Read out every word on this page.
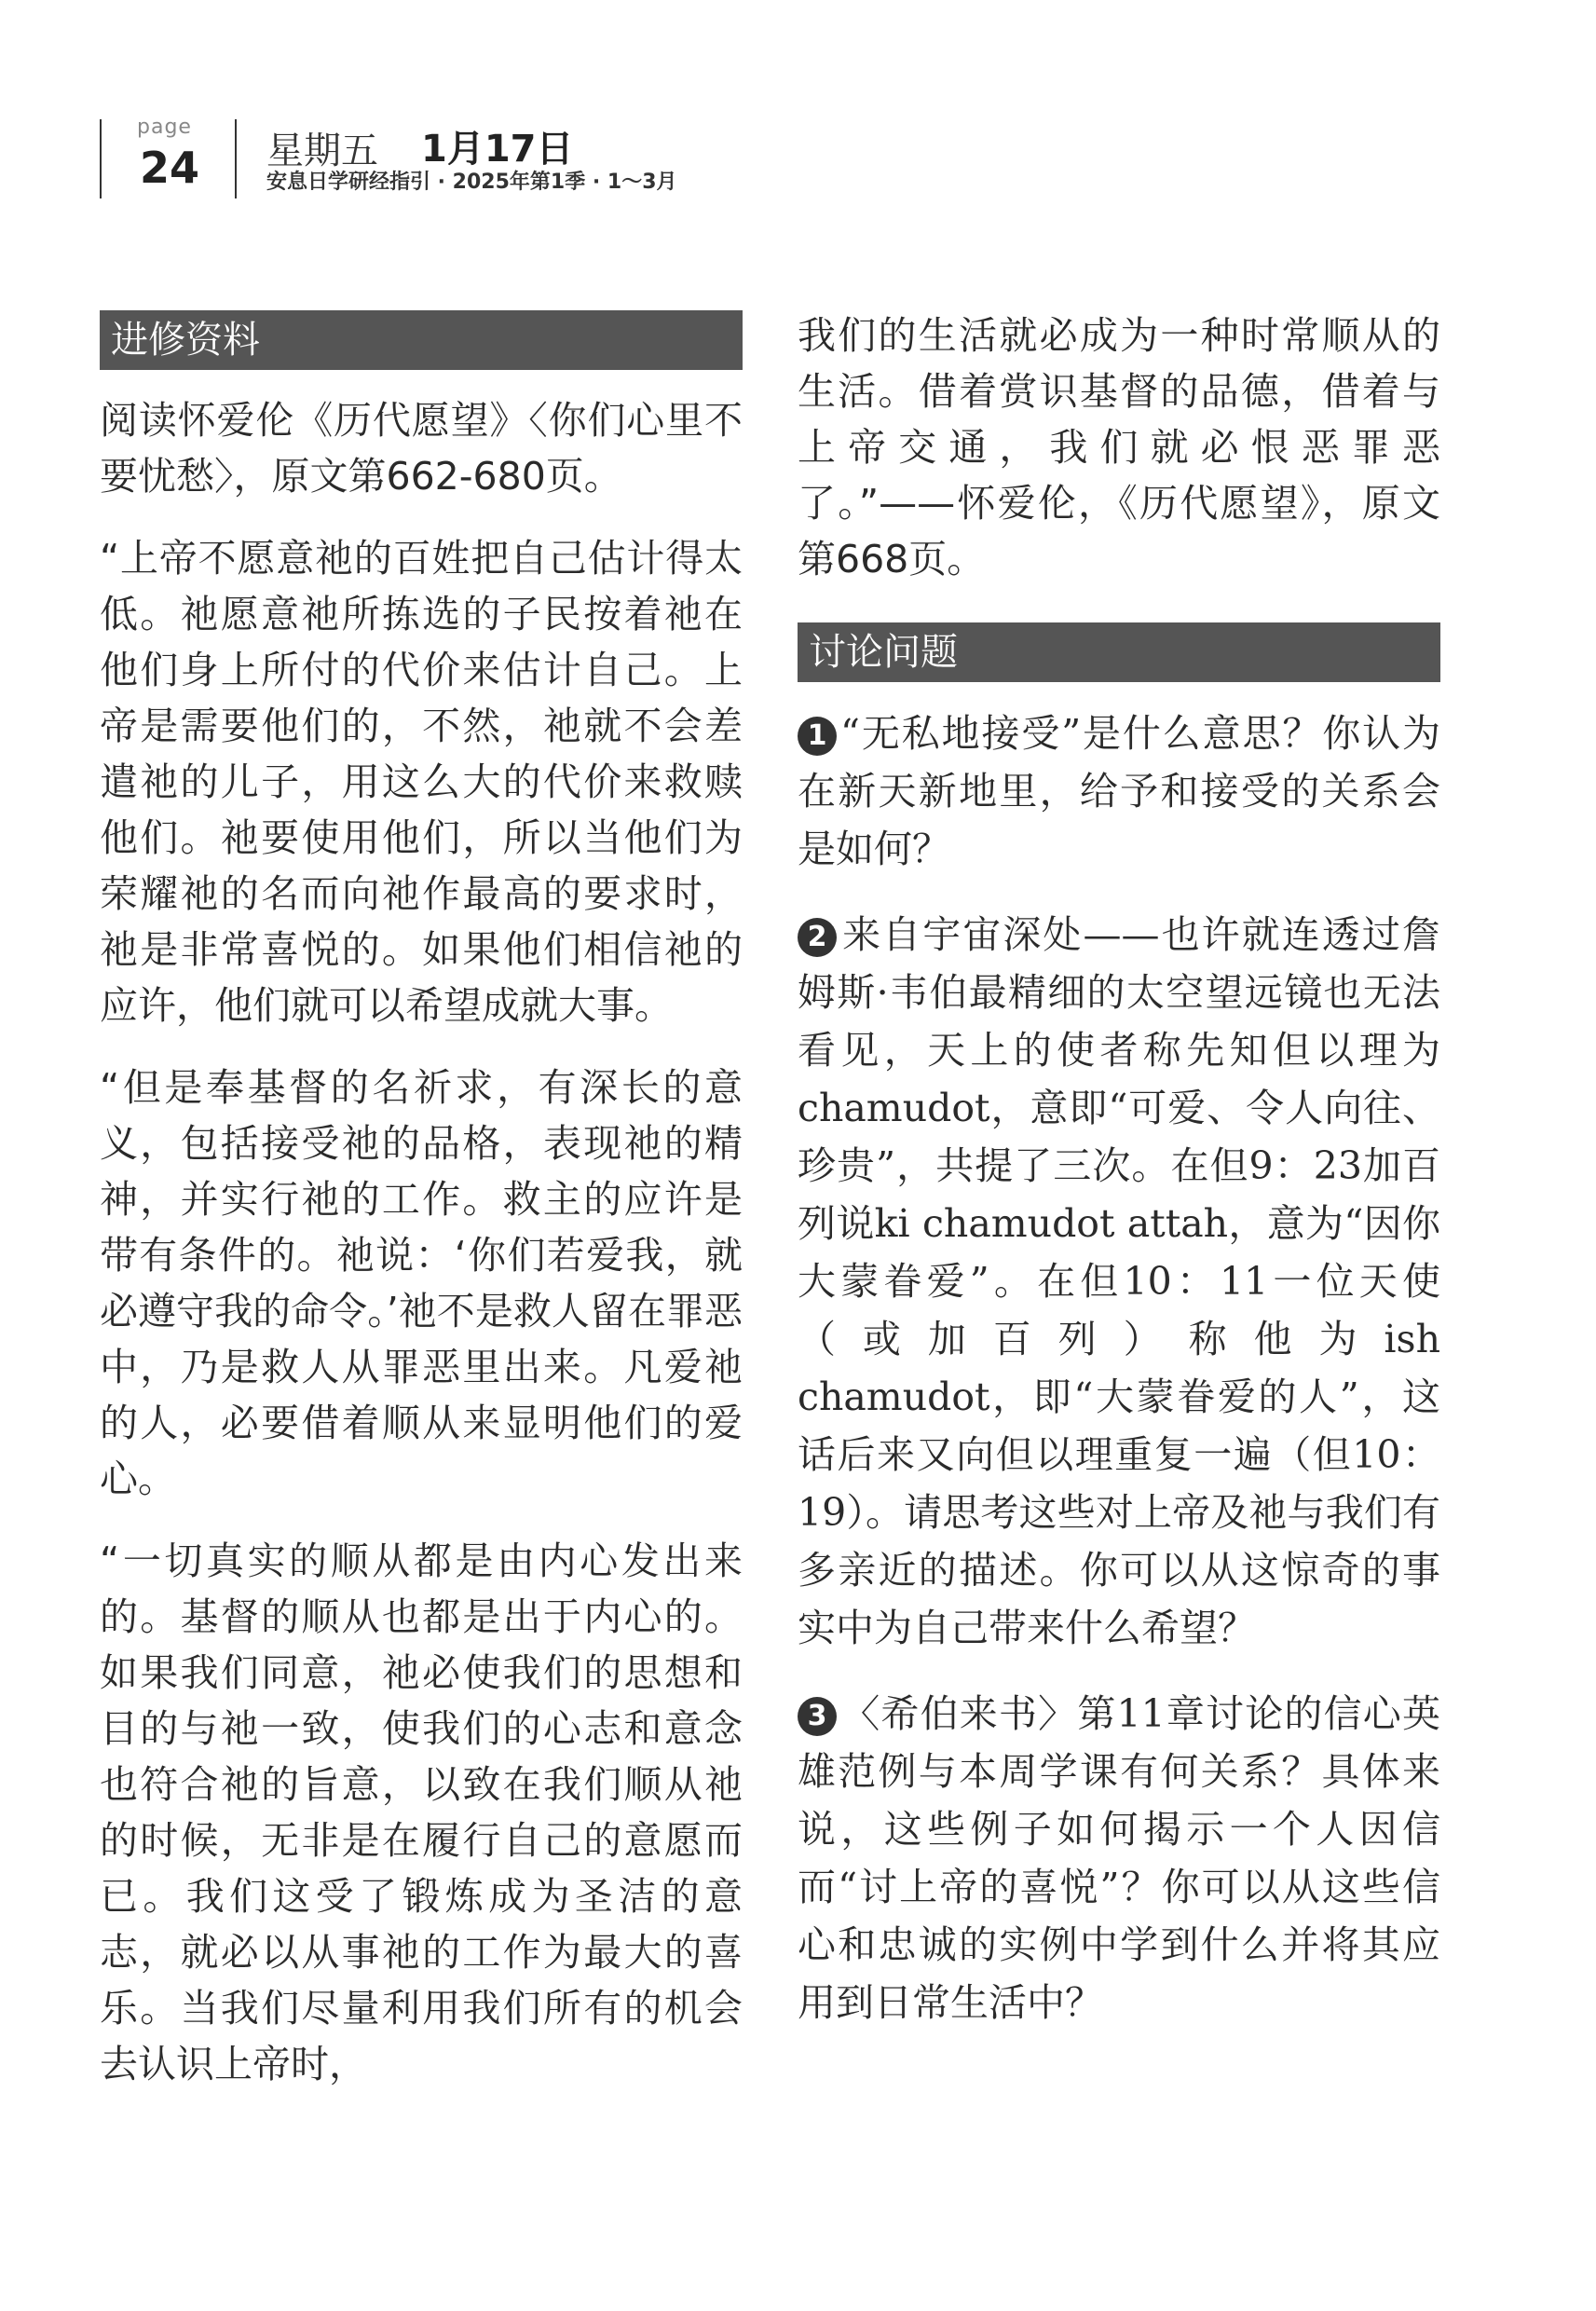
page
24 星期五 1月17日
安息日学研经指引 · 2025年第1季 · 1～3月
进修资料

阅读怀爱伦《历代愿望》〈你们心里不要忧愁〉，原文第662-680页。

“上帝不愿意祂的百姓把自己估计得太低。祂愿意祂所拣选的子民按着祂在他们身上所付的代价来估计自己。上帝是需要他们的，不然，祂就不会差遣祂的儿子，用这么大的代价来救赎他们。祂要使用他们，所以当他们为荣耀祂的名而向祂作最高的要求时，祂是非常喜悦的。如果他们相信祂的应许，他们就可以希望成就大事。

“但是奉基督的名祈求，有深长的意义，包括接受祂的品格，表现祂的精神，并实行祂的工作。救主的应许是带有条件的。祂说：‘你们若爱我，就必遵守我的命令。’祂不是救人留在罪恶中，乃是救人从罪恶里出来。凡爱祂的人，必要借着顺从来显明他们的爱心。

“一切真实的顺从都是由内心发出来的。基督的顺从也都是出于内心的。如果我们同意，祂必使我们的思想和目的与祂一致，使我们的心志和意念也符合祂的旨意，以致在我们顺从祂的时候，无非是在履行自己的意愿而已。我们这受了锻炼成为圣洁的意志，就必以从事祂的工作为最大的喜乐。当我们尽量利用我们所有的机会去认识上帝时，

我们的生活就必成为一种时常顺从的生活。借着赏识基督的品德，借着与上帝交通，我们就必恨恶罪恶了。”——怀爱伦，《历代愿望》，原文第668页。

讨论问题

1 “无私地接受”是什么意思？你认为在新天新地里，给予和接受的关系会是如何？

2 来自宇宙深处——也许就连透过詹姆斯·韦伯最精细的太空望远镜也无法看见，天上的使者称先知但以理为chamudot，意即“可爱、令人向往、珍贵”，共提了三次。在但9：23加百列说ki chamudot attah，意为“因你大蒙眷爱”。在但10：11一位天使（或加百列）称他为ish chamudot，即“大蒙眷爱的人”，这话后来又向但以理重复一遍（但10：19）。请思考这些对上帝及祂与我们有多亲近的描述。你可以从这惊奇的事实中为自己带来什么希望？

3 〈希伯来书〉第11章讨论的信心英雄范例与本周学课有何关系？具体来说，这些例子如何揭示一个人因信而“讨上帝的喜悦”？你可以从这些信心和忠诚的实例中学到什么并将其应用到日常生活中？
